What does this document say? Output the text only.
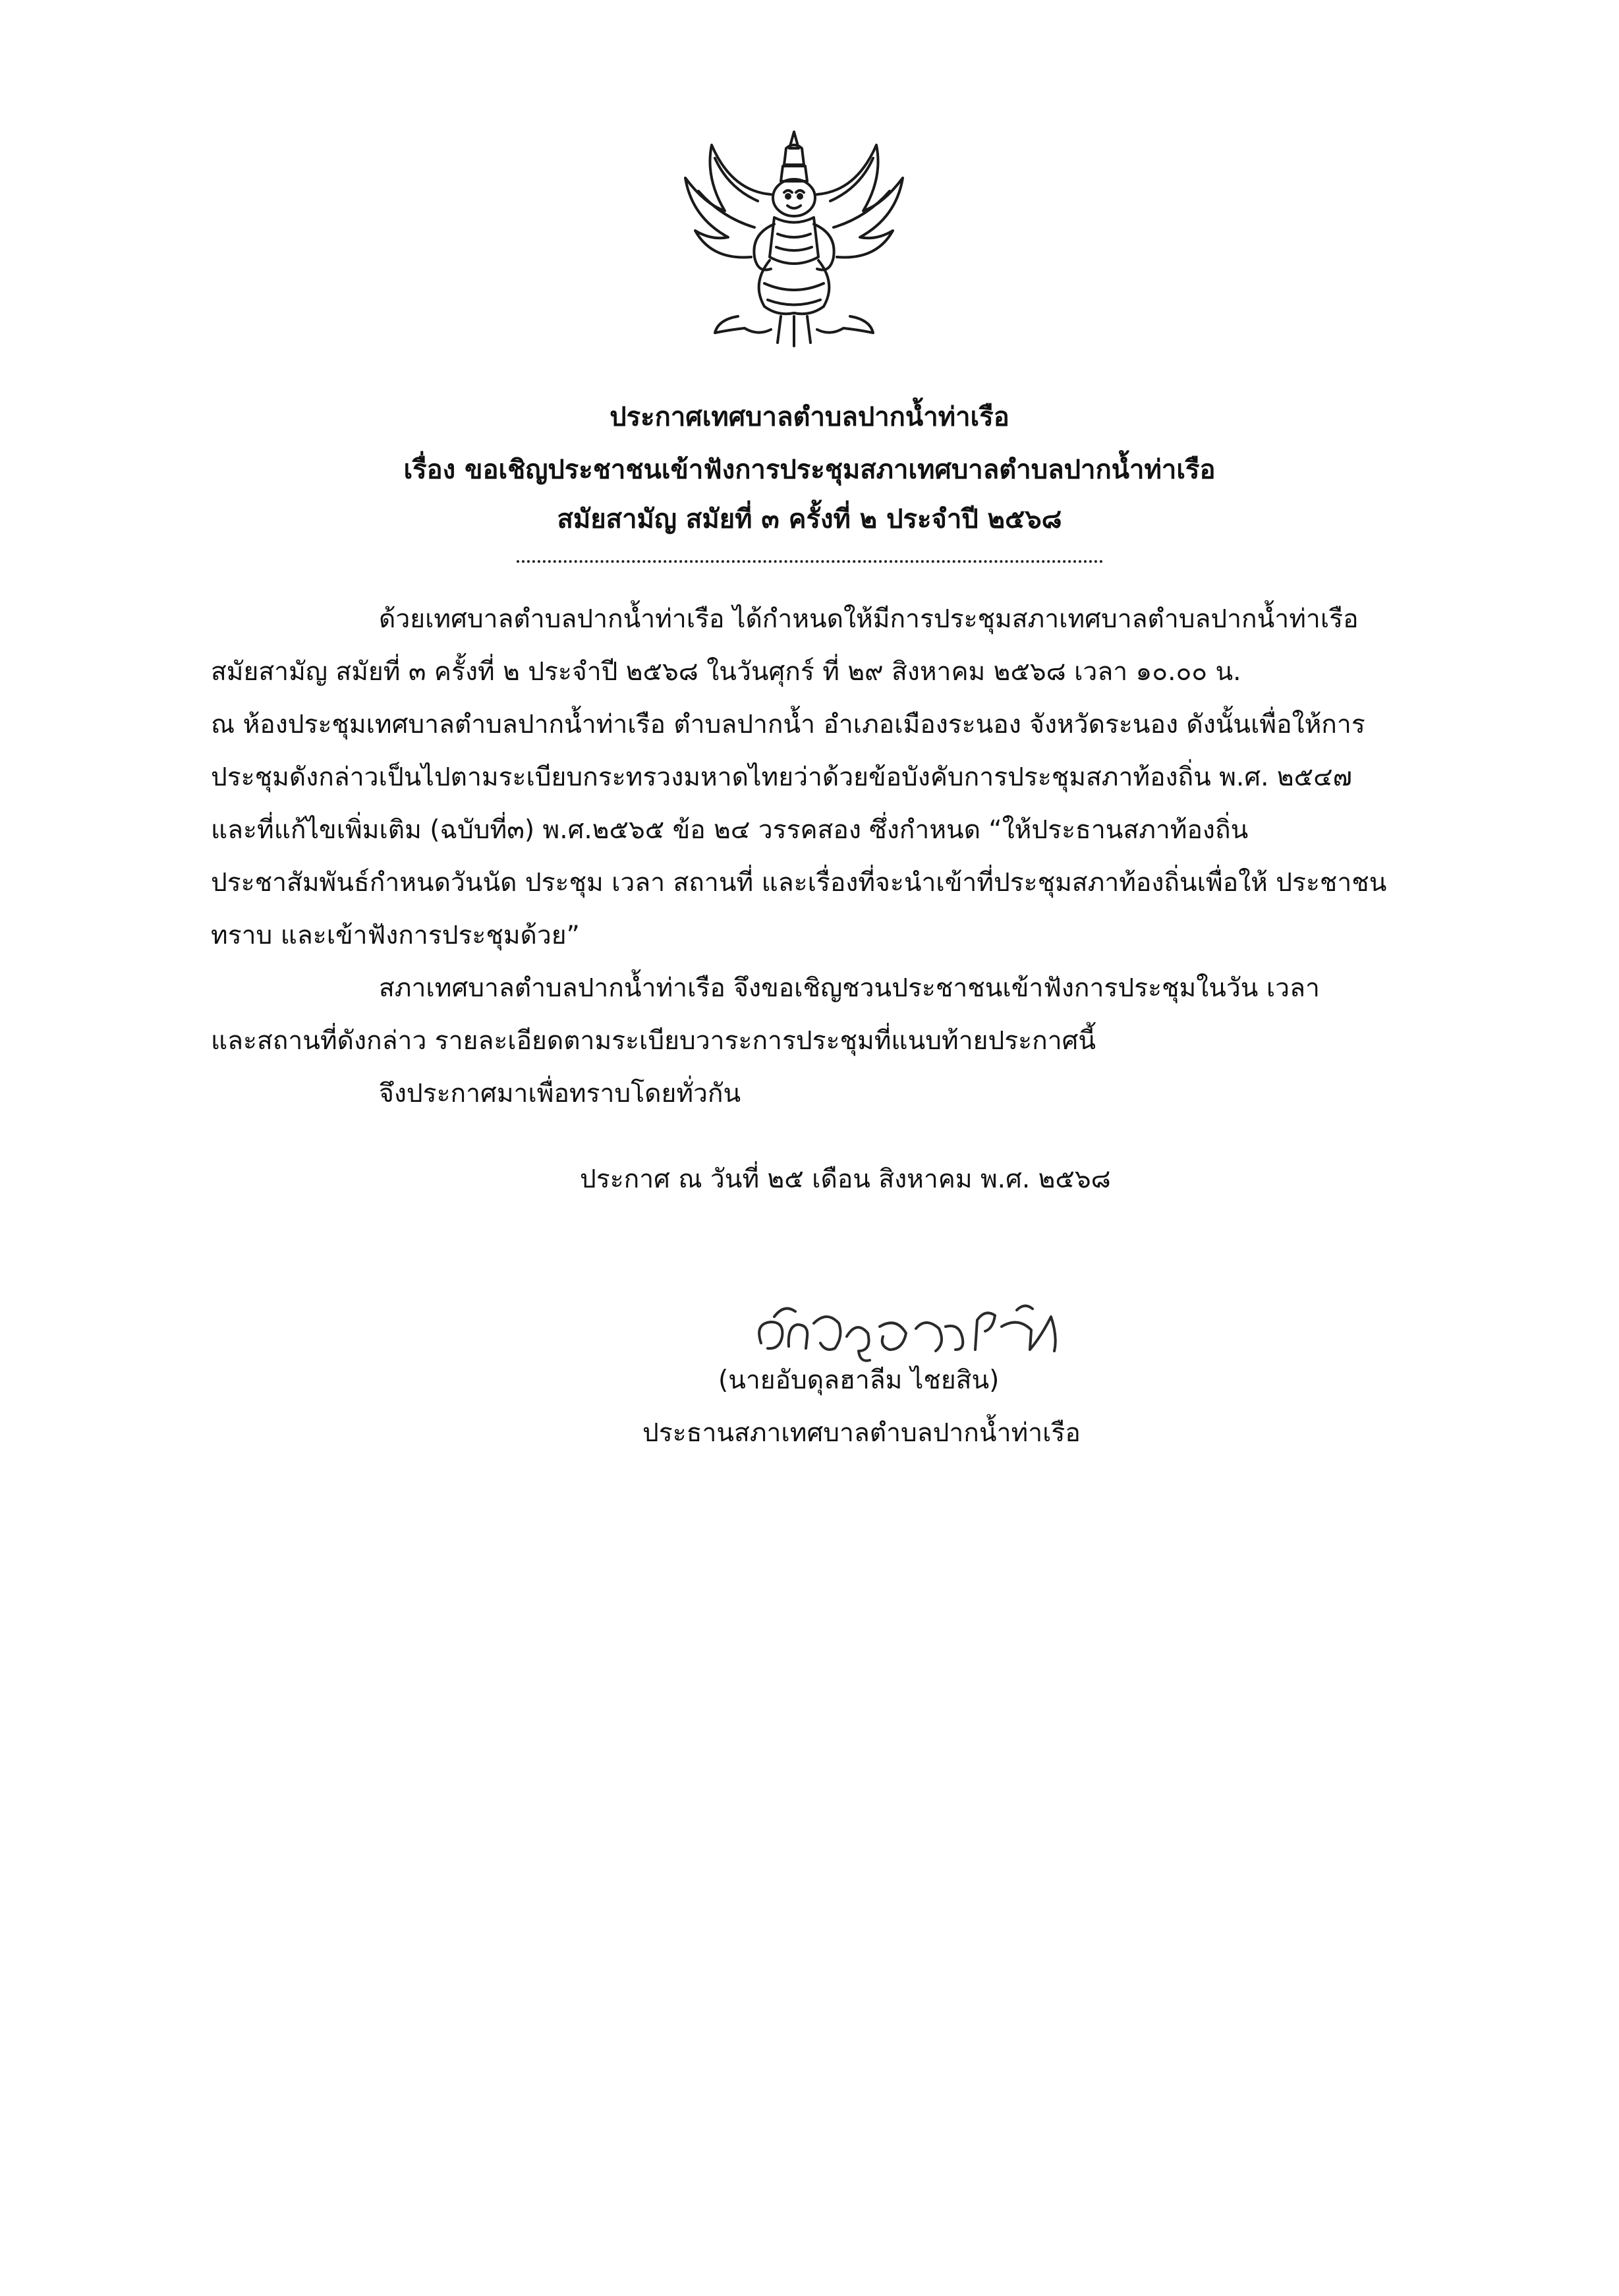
ประกาศเทศบาลตำบลปากน้ำท่าเรือ
เรื่อง ขอเชิญประชาชนเข้าฟังการประชุมสภาเทศบาลตำบลปากน้ำท่าเรือ
สมัยสามัญ สมัยที่ ๓ ครั้งที่ ๒ ประจำปี ๒๕๖๘
ด้วยเทศบาลตำบลปากน้ำท่าเรือ ได้กำหนดให้มีการประชุมสภาเทศบาลตำบลปากน้ำท่าเรือ
สมัยสามัญ สมัยที่ ๓ ครั้งที่ ๒ ประจำปี ๒๕๖๘ ในวันศุกร์ ที่ ๒๙ สิงหาคม ๒๕๖๘ เวลา ๑๐.๐๐ น.
ณ ห้องประชุมเทศบาลตำบลปากน้ำท่าเรือ ตำบลปากน้ำ อำเภอเมืองระนอง จังหวัดระนอง ดังนั้นเพื่อให้การ
ประชุมดังกล่าวเป็นไปตามระเบียบกระทรวงมหาดไทยว่าด้วยข้อบังคับการประชุมสภาท้องถิ่น พ.ศ. ๒๕๔๗
และที่แก้ไขเพิ่มเติม (ฉบับที่๓) พ.ศ.๒๕๖๕ ข้อ ๒๔ วรรคสอง ซึ่งกำหนด “ให้ประธานสภาท้องถิ่น
ประชาสัมพันธ์กำหนดวันนัด ประชุม เวลา สถานที่ และเรื่องที่จะนำเข้าที่ประชุมสภาท้องถิ่นเพื่อให้ ประชาชน
ทราบ และเข้าฟังการประชุมด้วย”
สภาเทศบาลตำบลปากน้ำท่าเรือ จึงขอเชิญชวนประชาชนเข้าฟังการประชุมในวัน เวลา
และสถานที่ดังกล่าว รายละเอียดตามระเบียบวาระการประชุมที่แนบท้ายประกาศนี้
จึงประกาศมาเพื่อทราบโดยทั่วกัน
ประกาศ ณ วันที่ ๒๕ เดือน สิงหาคม พ.ศ. ๒๕๖๘
(นายอับดุลฮาลีม ไชยสิน)
ประธานสภาเทศบาลตำบลปากน้ำท่าเรือ
